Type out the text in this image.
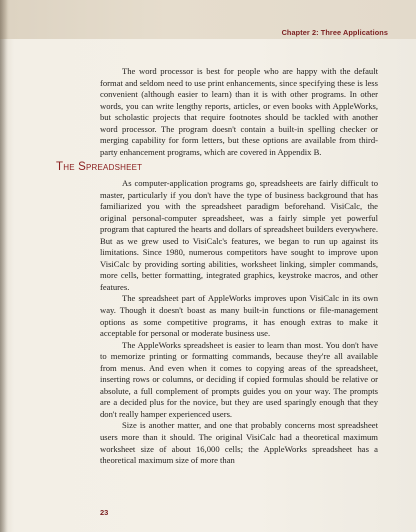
Chapter 2: Three Applications

The word processor is best for people who are happy with the default format and seldom need to use print enhancements, since specifying these is less convenient (although easier to learn) than it is with other programs. In other words, you can write lengthy reports, articles, or even books with AppleWorks, but scholastic projects that require footnotes should be tackled with another word processor. The program doesn't contain a built-in spelling checker or merging capability for form letters, but these options are available from third-party enhancement programs, which are covered in Appendix B.

The Spreadsheet

As computer-application programs go, spreadsheets are fairly difficult to master, particularly if you don't have the type of business background that has familiarized you with the spreadsheet paradigm beforehand. VisiCalc, the original personal-computer spreadsheet, was a fairly simple yet powerful program that captured the hearts and dollars of spreadsheet builders everywhere. But as we grew used to VisiCalc's features, we began to run up against its limitations. Since 1980, numerous competitors have sought to improve upon VisiCalc by providing sorting abilities, worksheet linking, simpler commands, more cells, better formatting, integrated graphics, keystroke macros, and other features.

The spreadsheet part of AppleWorks improves upon VisiCalc in its own way. Though it doesn't boast as many built-in functions or file-management options as some competitive programs, it has enough extras to make it acceptable for personal or moderate business use.

The AppleWorks spreadsheet is easier to learn than most. You don't have to memorize printing or formatting commands, because they're all available from menus. And even when it comes to copying areas of the spreadsheet, inserting rows or columns, or deciding if copied formulas should be relative or absolute, a full complement of prompts guides you on your way. The prompts are a decided plus for the novice, but they are used sparingly enough that they don't really hamper experienced users.

Size is another matter, and one that probably concerns most spreadsheet users more than it should. The original VisiCalc had a theoretical maximum worksheet size of about 16,000 cells; the AppleWorks spreadsheet has a theoretical maximum size of more than

23
